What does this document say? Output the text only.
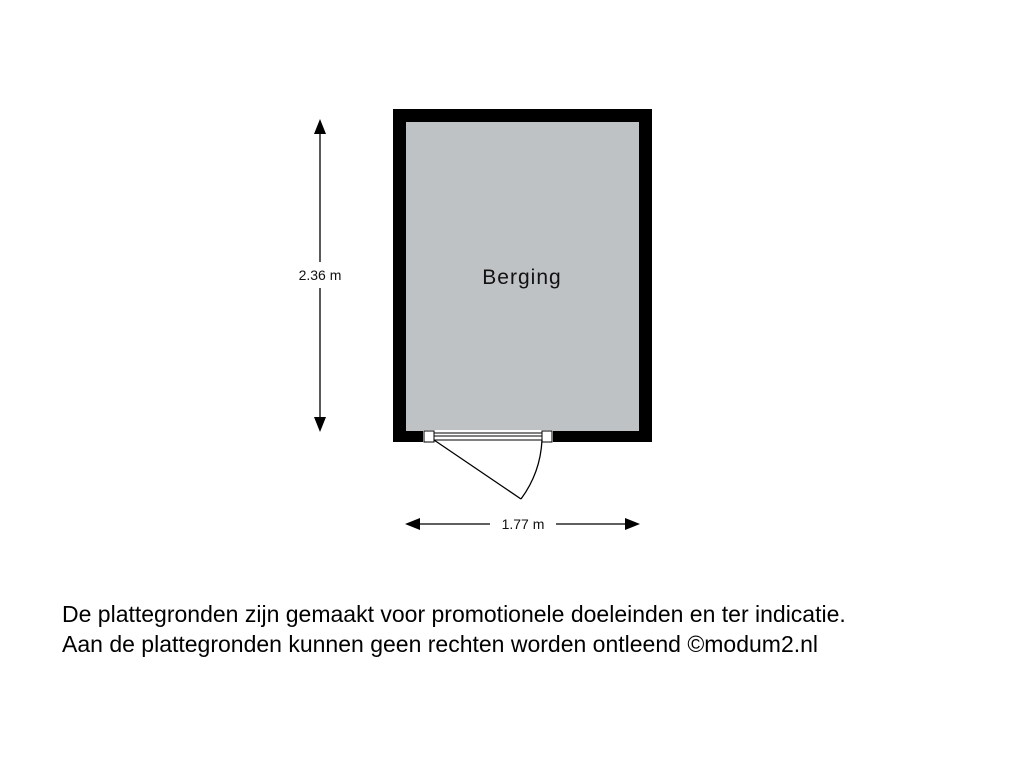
Berging
2.36 m
1.77 m
De plattegronden zijn gemaakt voor promotionele doeleinden en ter indicatie.
Aan de plattegronden kunnen geen rechten worden ontleend ©modum2.nl
